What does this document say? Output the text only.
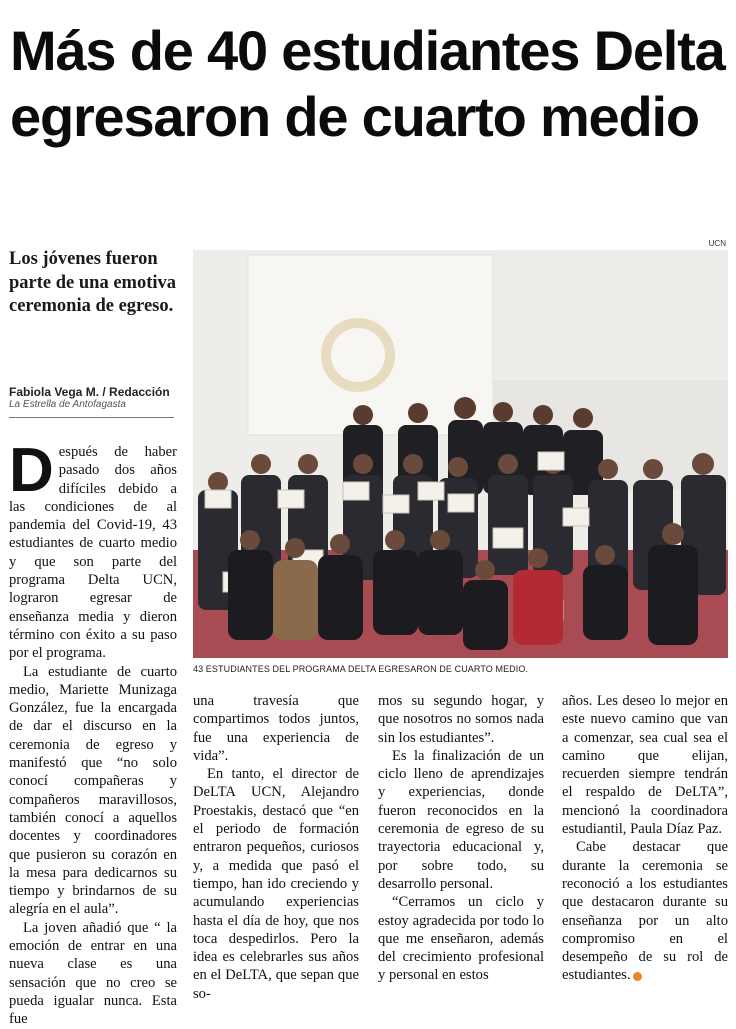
Más de 40 estudiantes Delta egresaron de cuarto medio
Los jóvenes fueron parte de una emotiva ceremonia de egreso.
Fabiola Vega M. / Redacción
La Estrella de Antofagasta
UCN
43 ESTUDIANTES DEL PROGRAMA DELTA EGRESARON DE CUARTO MEDIO.

Después de haber pasado dos años difíciles debido a las condiciones de al pandemia del Covid-19, 43 estudiantes de cuarto medio y que son parte del programa Delta UCN, lograron egresar de enseñanza media y dieron término con éxito a su paso por el programa.

La estudiante de cuarto medio, Mariette Munizaga González, fue la encargada de dar el discurso en la ceremonia de egreso y manifestó que “no solo conocí compañeras y compañeros maravillosos, también conocí a aquellos docentes y coordinadores que pusieron su corazón en la mesa para dedicarnos su tiempo y brindarnos de su alegría en el aula”.

La joven añadió que “ la emoción de entrar en una nueva clase es una sensación que no creo se pueda igualar nunca. Esta fue

una travesía que compartimos todos juntos, fue una experiencia de vida”.

En tanto, el director de DeLTA UCN, Alejandro Proestakis, destacó que “en el periodo de formación entraron pequeños, curiosos y, a medida que pasó el tiempo, han ido creciendo y acumulando experiencias hasta el día de hoy, que nos toca despedirlos. Pero la idea es celebrarles sus años en el DeLTA, que sepan que so-

mos su segundo hogar, y que nosotros no somos nada sin los estudiantes”.

Es la finalización de un ciclo lleno de aprendizajes y experiencias, donde fueron reconocidos en la ceremonia de egreso de su trayectoria educacional y, por sobre todo, su desarrollo personal.

“Cerramos un ciclo y estoy agradecida por todo lo que me enseñaron, además del crecimiento profesional y personal en estos

años. Les deseo lo mejor en este nuevo camino que van a comenzar, sea cual sea el camino que elijan, recuerden siempre tendrán el respaldo de DeLTA”, mencionó la coordinadora estudiantil, Paula Díaz Paz.

Cabe destacar que durante la ceremonia se reconoció a los estudiantes que destacaron durante su enseñanza por un alto compromiso en el desempeño de su rol de estudiantes.
